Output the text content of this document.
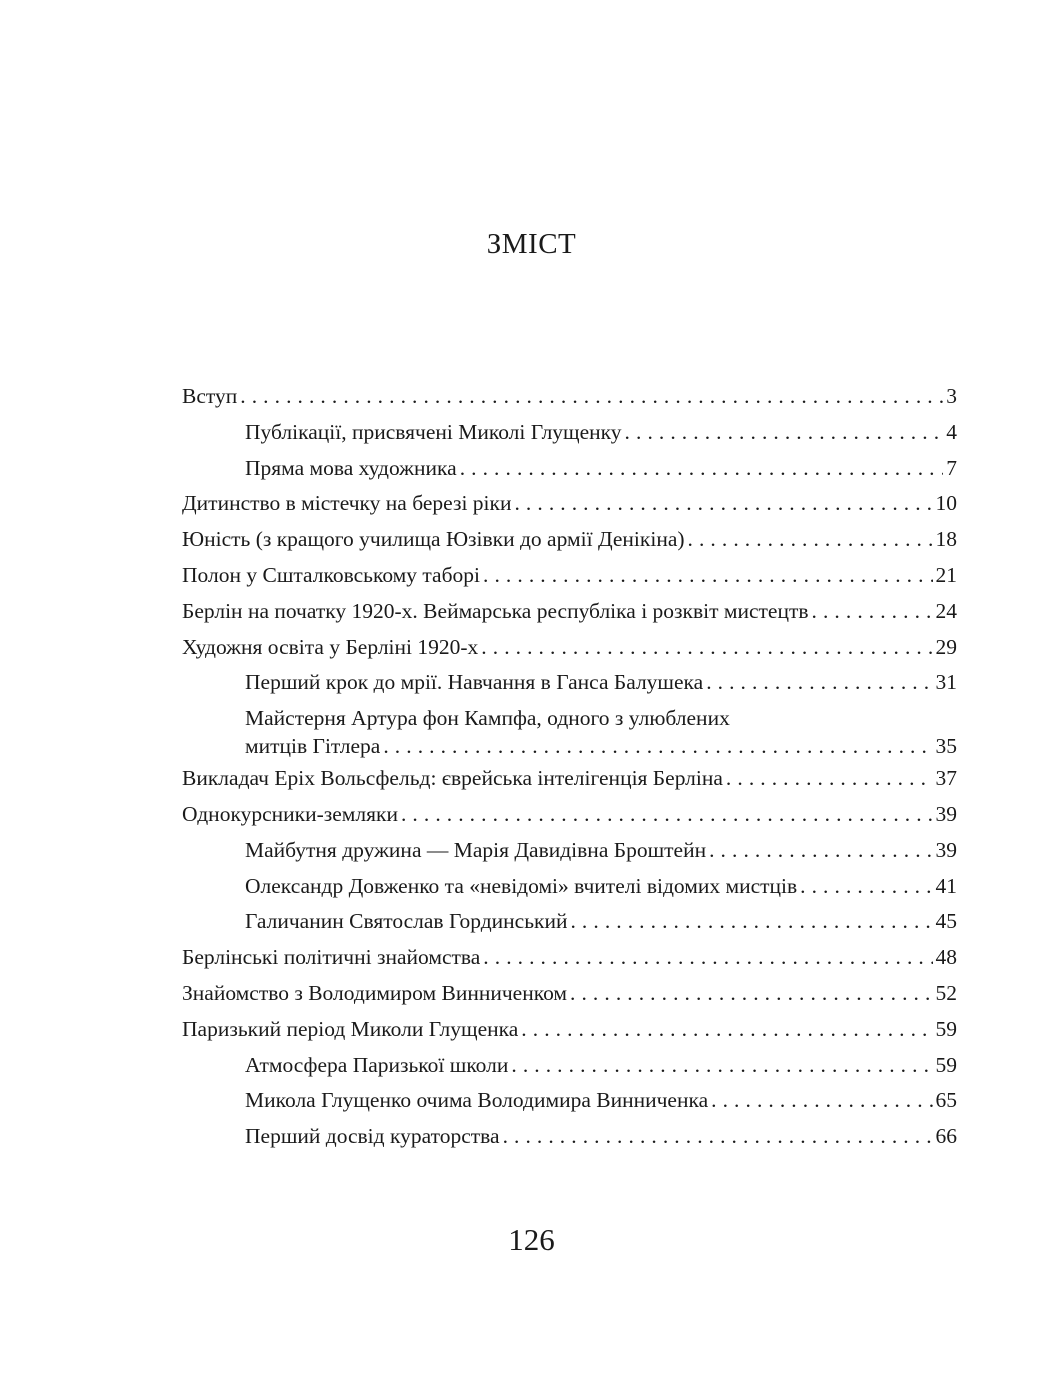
ЗМІСТ
Вступ . . .	3
Публікації, присвячені Миколі Глущенку . . .	4
Пряма мова художника . . .	7
Дитинство в містечку на березі ріки . . .	10
Юність (з кращого училища Юзівки до армії Денікіна) . . .	18
Полон у Сшталковському таборі . . .	21
Берлін на початку 1920-х. Веймарська республіка і розквіт мистецтв . . .	24
Художня освіта у Берліні 1920-х . . .	29
Перший крок до мрії. Навчання в Ганса Балушека . . .	31
Майстерня Артура фон Кампфа, одного з улюблених
митців Гітлера . . .	35
Викладач Еріх Вольсфельд: єврейська інтелігенція Берліна . . .	37
Однокурсники-земляки . . .	39
Майбутня дружина — Марія Давидівна Броштейн . . .	39
Олександр Довженко та «невідомі» вчителі відомих мистців . . .	41
Галичанин Святослав Гординський . . .	45
Берлінські політичні знайомства . . .	48
Знайомство з Володимиром Винниченком . . .	52
Паризький період Миколи Глущенка . . .	59
Атмосфера Паризької школи . . .	59
Микола Глущенко очима Володимира Винниченка . . .	65
Перший досвід кураторства . . .	66
126
